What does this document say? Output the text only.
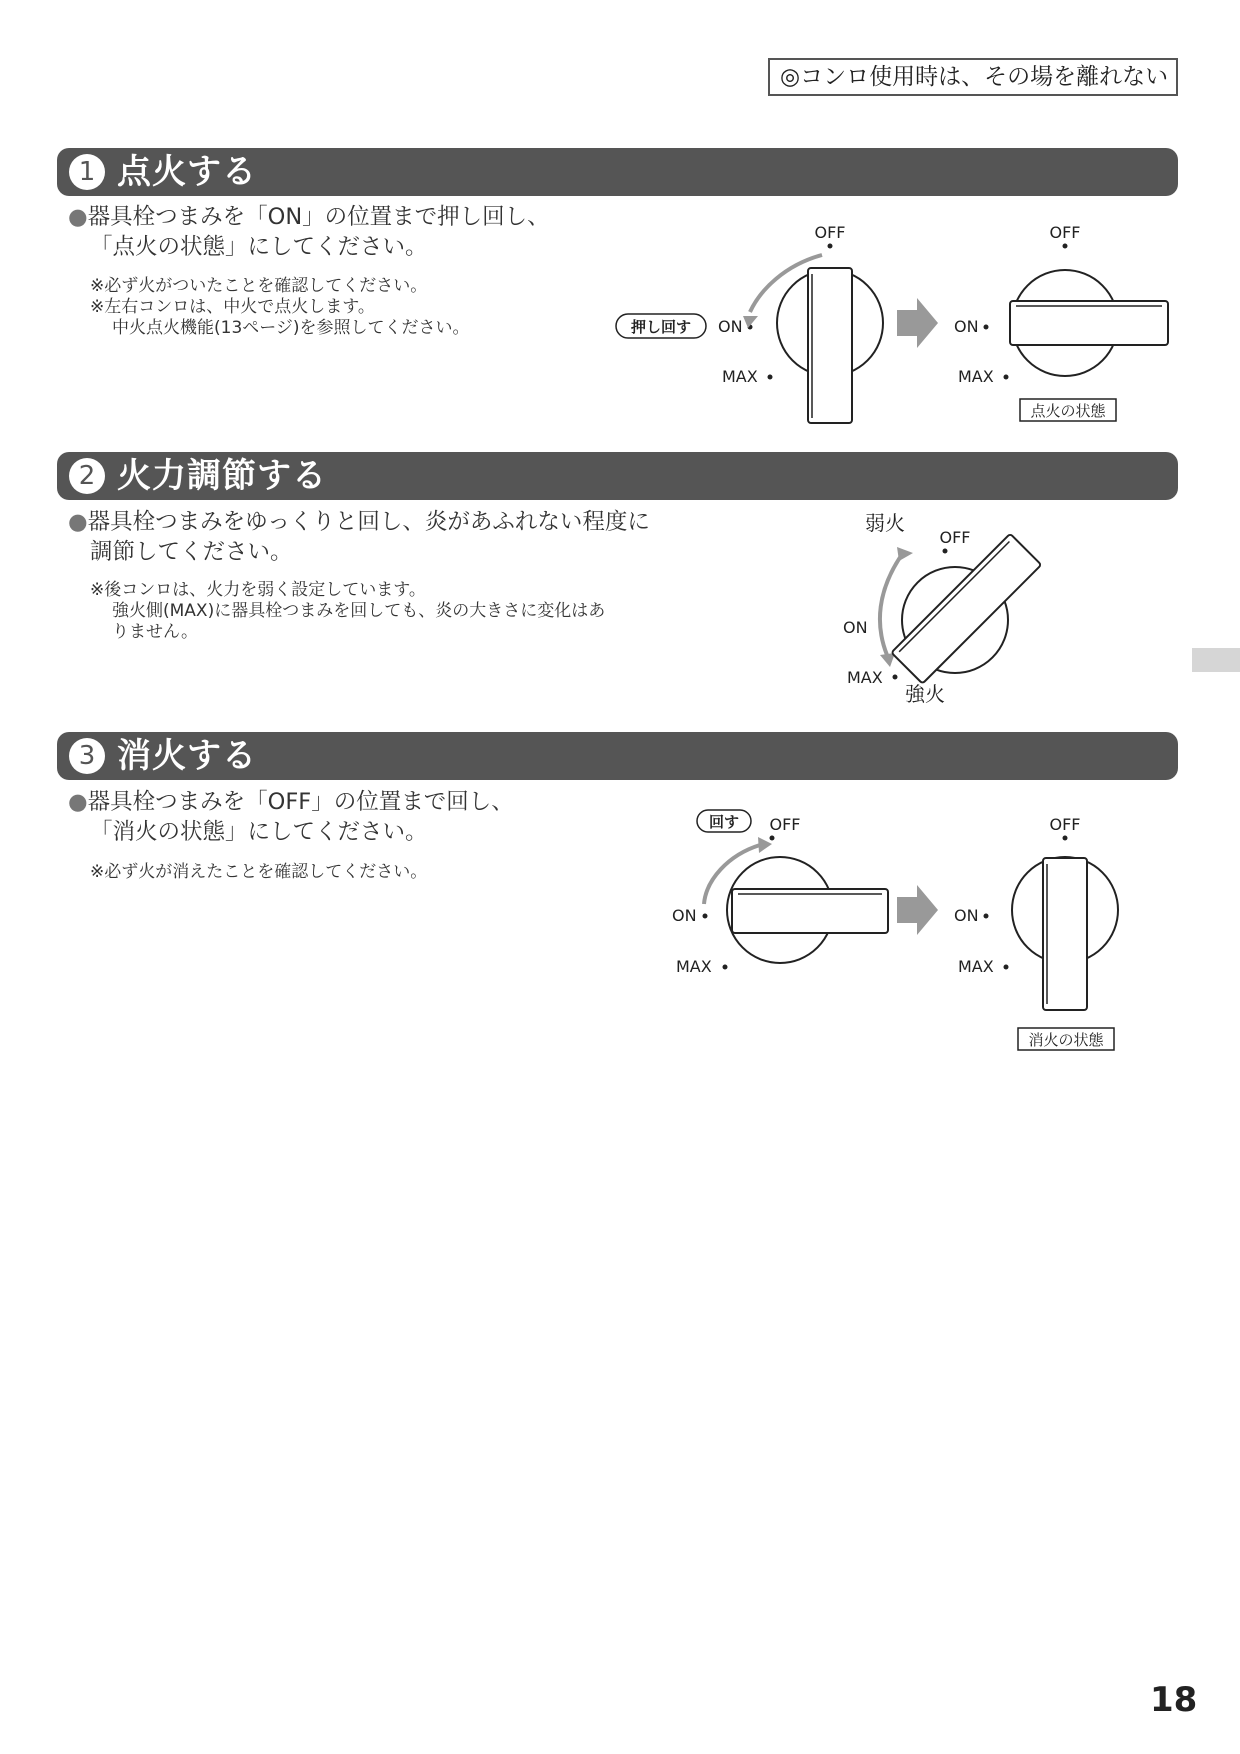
◎コンロ使用時は、その場を離れない
1 点火する
●器具栓つまみを「ON」の位置まで押し回し、
「点火の状態」にしてください。
※必ず火がついたことを確認してください。
※左右コンロは、中火で点火します。
中火点火機能(13ページ)を参照してください。	押し回す
OFF
ON
MAX
OFF
ON
MAX
点火の状態
2 火力調節する
●器具栓つまみをゆっくりと回し、炎があふれない程度に
調節してください。
※後コンロは、火力を弱く設定しています。
強火側(MAX)に器具栓つまみを回しても、炎の大きさに変化はあ
りません。
弱火
OFF
ON
MAX
強火
3 消火する
●器具栓つまみを「OFF」の位置まで回し、
「消火の状態」にしてください。
※必ず火が消えたことを確認してください。
回す OFF
ON
MAX
OFF
ON
MAX
消火の状態
18
